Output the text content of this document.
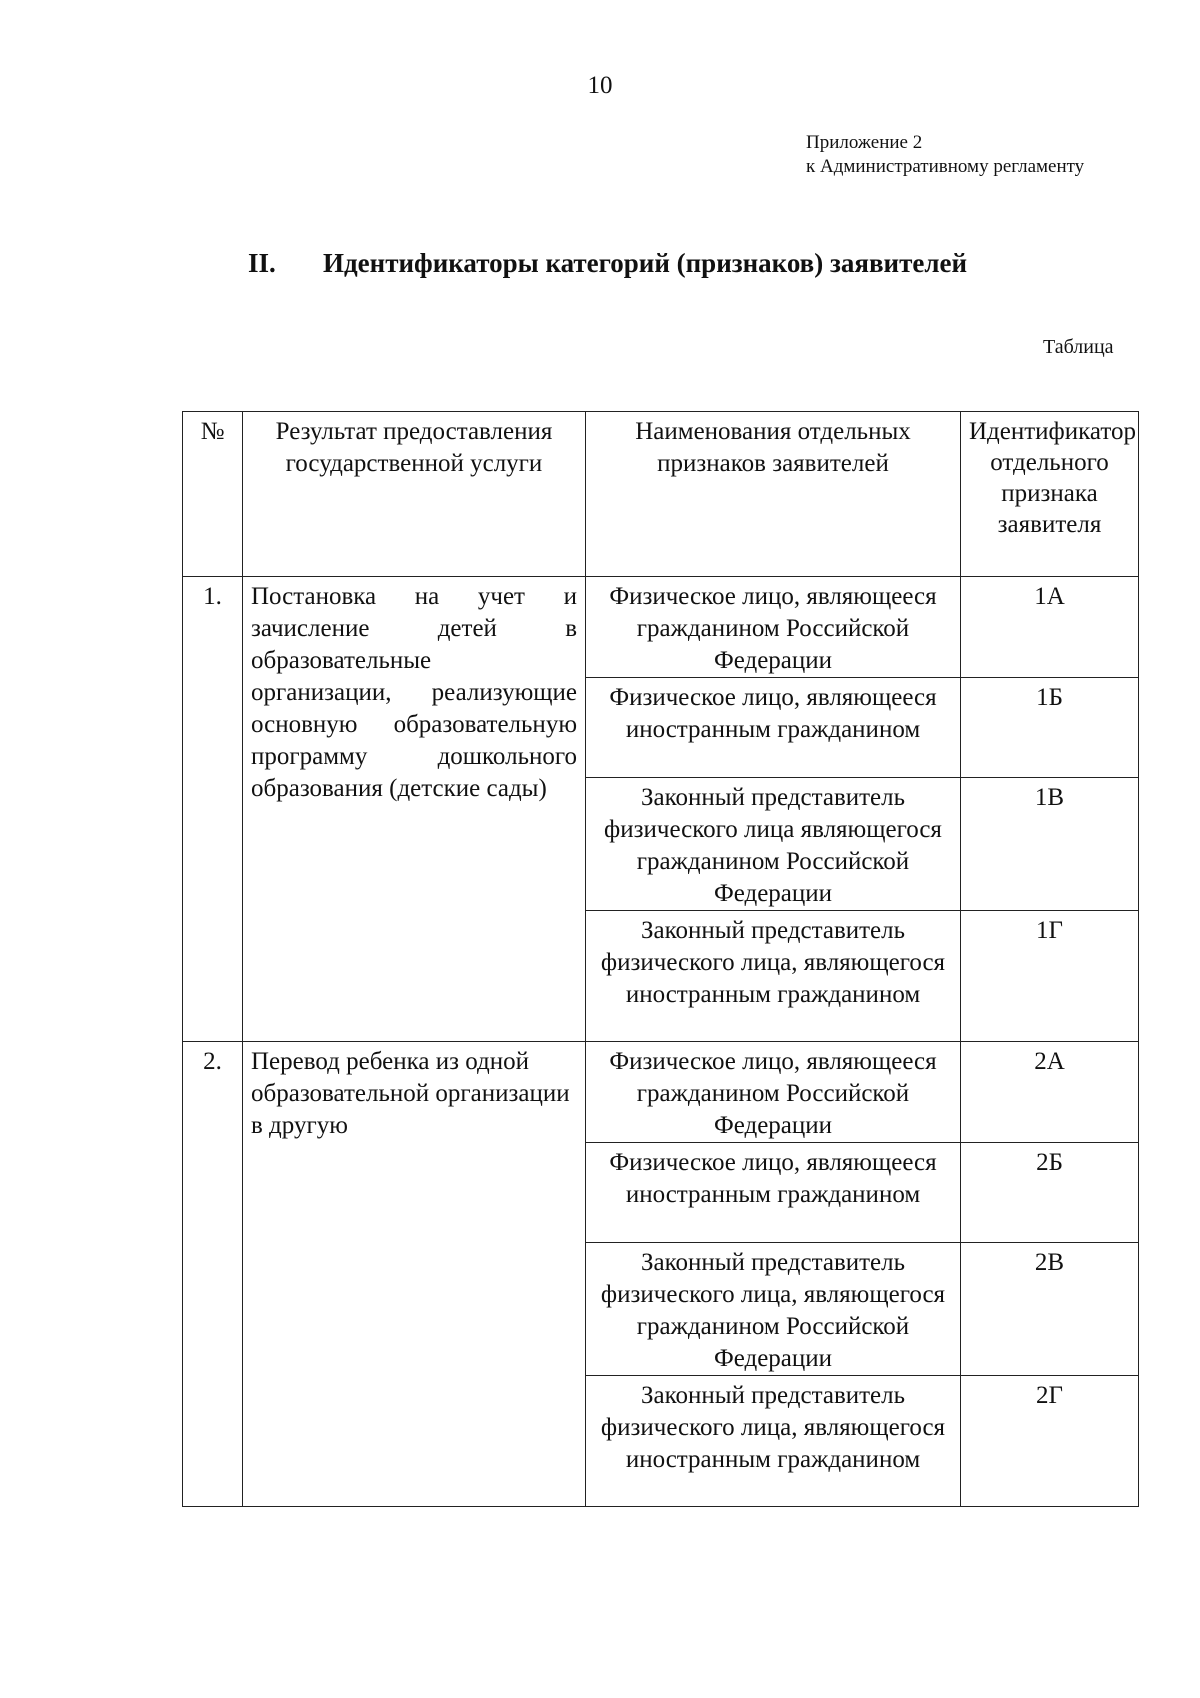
10
Приложение 2
к Административному регламенту
II. Идентификаторы категорий (признаков) заявителей
Таблица
№	Результат предоставления государственной услуги	Наименования отдельных признаков заявителей	Идентификатор отдельного признака заявителя
1.	Постановка на учет и зачисление детей в образовательные организации, реализующие основную образовательную программу дошкольного образования (детские сады)	Физическое лицо, являющееся гражданином Российской Федерации	1А
		Физическое лицо, являющееся иностранным гражданином	1Б
		Законный представитель физического лица являющегося гражданином Российской Федерации	1В
		Законный представитель физического лица, являющегося иностранным гражданином	1Г
2.	Перевод ребенка из одной образовательной организации в другую	Физическое лицо, являющееся гражданином Российской Федерации	2А
		Физическое лицо, являющееся иностранным гражданином	2Б
		Законный представитель физического лица, являющегося гражданином Российской Федерации	2В
		Законный представитель физического лица, являющегося иностранным гражданином	2Г
